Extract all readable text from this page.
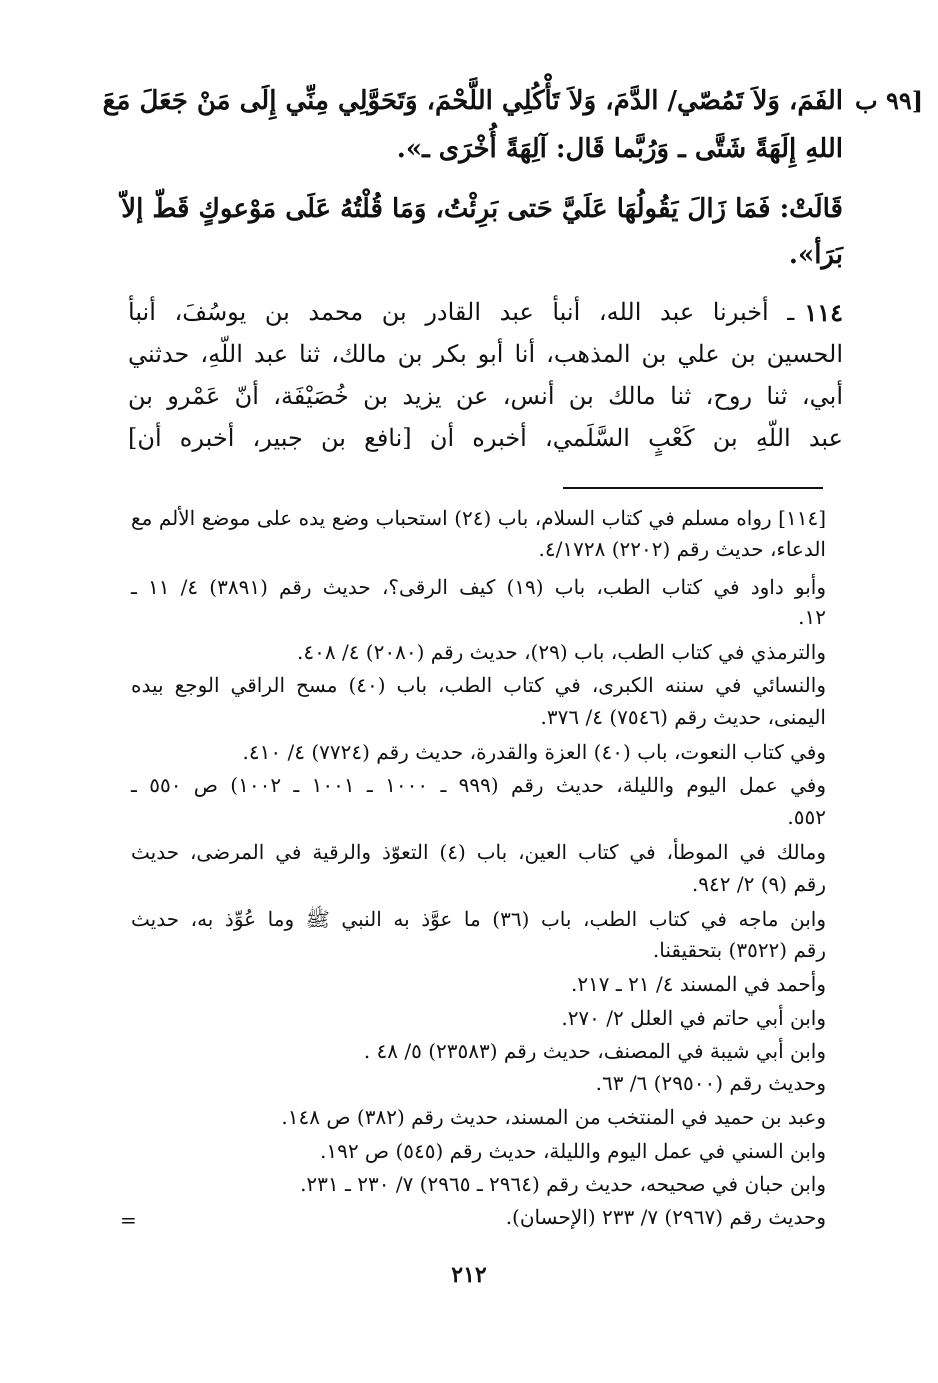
[٩٩ ب
الفَمَ، وَلاَ تَمُصّي/ الدَّمَ، وَلاَ تَأْكُلِي اللَّحْمَ، وَتَحَوَّلِي مِنِّي إِلَى مَنْ جَعَلَ مَعَ
اللهِ إِلَهَةً شَتَّى ـ وَرُبَّما قَال: آلِهَةً أُخْرَى ـ».
قَالَتْ: فَمَا زَالَ يَقُولُهَا عَلَيَّ حَتى بَرِئْتُ، وَمَا قُلْتُهُ عَلَى مَوْعوكٍ قَطّ إلاّ
بَرَأ».
١١٤
ـ أخبرنا عبد الله، أنبأ عبد القادر بن محمد بن يوسُفَ، أنبأ
الحسين بن علي بن المذهب، أنا أبو بكر بن مالك، ثنا عبد اللّهِ، حدثني
أبي، ثنا روح، ثنا مالك بن أنس، عن يزيد بن خُصَيْفَة، أنّ عَمْرو بن
عبد اللّهِ بن كَعْبٍ السَّلَمي، أخبره أن [نافع بن جبير، أخبره أن]
[١١٤] رواه مسلم في كتاب السلام، باب (٢٤) استحباب وضع يده على موضع الألم مع
الدعاء، حديث رقم (٢٢٠٢) ٤/١٧٢٨.
وأبو داود في كتاب الطب، باب (١٩) كيف الرقى؟، حديث رقم (٣٨٩١) ٤/ ١١ ـ
١٢.
والترمذي في كتاب الطب، باب (٢٩)، حديث رقم (٢٠٨٠) ٤/ ٤٠٨.
والنسائي في سننه الكبرى، في كتاب الطب، باب (٤٠) مسح الراقي الوجع بيده
اليمنى، حديث رقم (٧٥٤٦) ٤/ ٣٧٦.
وفي كتاب النعوت، باب (٤٠) العزة والقدرة، حديث رقم (٧٧٢٤) ٤/ ٤١٠.
وفي عمل اليوم والليلة، حديث رقم (٩٩٩ ـ ١٠٠٠ ـ ١٠٠١ ـ ١٠٠٢) ص ٥٥٠ ـ
٥٥٢.
ومالك في الموطأ، في كتاب العين، باب (٤) التعوّذ والرقية في المرضى، حديث
رقم (٩) ٢/ ٩٤٢.
وابن ماجه في كتاب الطب، باب (٣٦) ما عوَّذ به النبي ﷺ وما عُوِّذ به، حديث
رقم (٣٥٢٢) بتحقيقنا.
وأحمد في المسند ٤/ ٢١ ـ ٢١٧.
وابن أبي حاتم في العلل ٢/ ٢٧٠.
وابن أبي شيبة في المصنف، حديث رقم (٢٣٥٨٣) ٥/ ٤٨ .
وحديث رقم (٢٩٥٠٠) ٦/ ٦٣.
وعبد بن حميد في المنتخب من المسند، حديث رقم (٣٨٢) ص ١٤٨.
وابن السني في عمل اليوم والليلة، حديث رقم (٥٤٥) ص ١٩٢.
وابن حبان في صحيحه، حديث رقم (٢٩٦٤ ـ ٢٩٦٥) ٧/ ٢٣٠ ـ ٢٣١.
وحديث رقم (٢٩٦٧) ٧/ ٢٣٣ (الإحسان).
=
٢١٢
